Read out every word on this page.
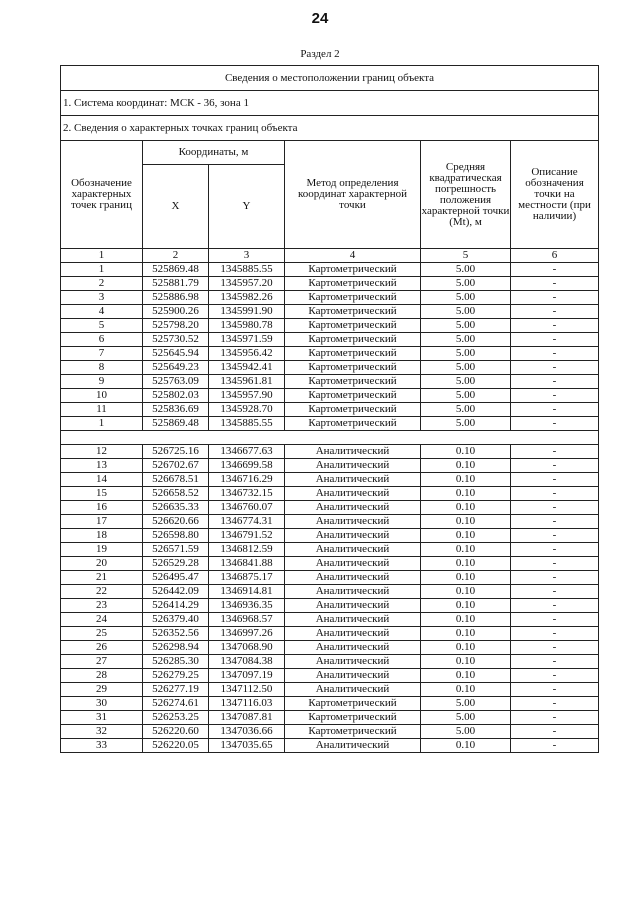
24
Раздел 2
Сведения о местоположении границ объекта					
1. Система координат: МСК - 36, зона 1					
2. Сведения о характерных точках границ объекта					
Обозначение характерных точек границ	Координаты, м		Метод определения координат характерной точки	Средняя квадратическая погрешность положения характерной точки (Mt), м	Описание обозначения точки на местности (при наличии)
	X	Y			
1	2	3	4	5	6
1	525869.48	1345885.55	Картометрический	5.00	-
2	525881.79	1345957.20	Картометрический	5.00	-
3	525886.98	1345982.26	Картометрический	5.00	-
4	525900.26	1345991.90	Картометрический	5.00	-
5	525798.20	1345980.78	Картометрический	5.00	-
6	525730.52	1345971.59	Картометрический	5.00	-
7	525645.94	1345956.42	Картометрический	5.00	-
8	525649.23	1345942.41	Картометрический	5.00	-
9	525763.09	1345961.81	Картометрический	5.00	-
10	525802.03	1345957.90	Картометрический	5.00	-
11	525836.69	1345928.70	Картометрический	5.00	-
1	525869.48	1345885.55	Картометрический	5.00	-

12	526725.16	1346677.63	Аналитический	0.10	-
13	526702.67	1346699.58	Аналитический	0.10	-
14	526678.51	1346716.29	Аналитический	0.10	-
15	526658.52	1346732.15	Аналитический	0.10	-
16	526635.33	1346760.07	Аналитический	0.10	-
17	526620.66	1346774.31	Аналитический	0.10	-
18	526598.80	1346791.52	Аналитический	0.10	-
19	526571.59	1346812.59	Аналитический	0.10	-
20	526529.28	1346841.88	Аналитический	0.10	-
21	526495.47	1346875.17	Аналитический	0.10	-
22	526442.09	1346914.81	Аналитический	0.10	-
23	526414.29	1346936.35	Аналитический	0.10	-
24	526379.40	1346968.57	Аналитический	0.10	-
25	526352.56	1346997.26	Аналитический	0.10	-
26	526298.94	1347068.90	Аналитический	0.10	-
27	526285.30	1347084.38	Аналитический	0.10	-
28	526279.25	1347097.19	Аналитический	0.10	-
29	526277.19	1347112.50	Аналитический	0.10	-
30	526274.61	1347116.03	Картометрический	5.00	-
31	526253.25	1347087.81	Картометрический	5.00	-
32	526220.60	1347036.66	Картометрический	5.00	-
33	526220.05	1347035.65	Аналитический	0.10	-
